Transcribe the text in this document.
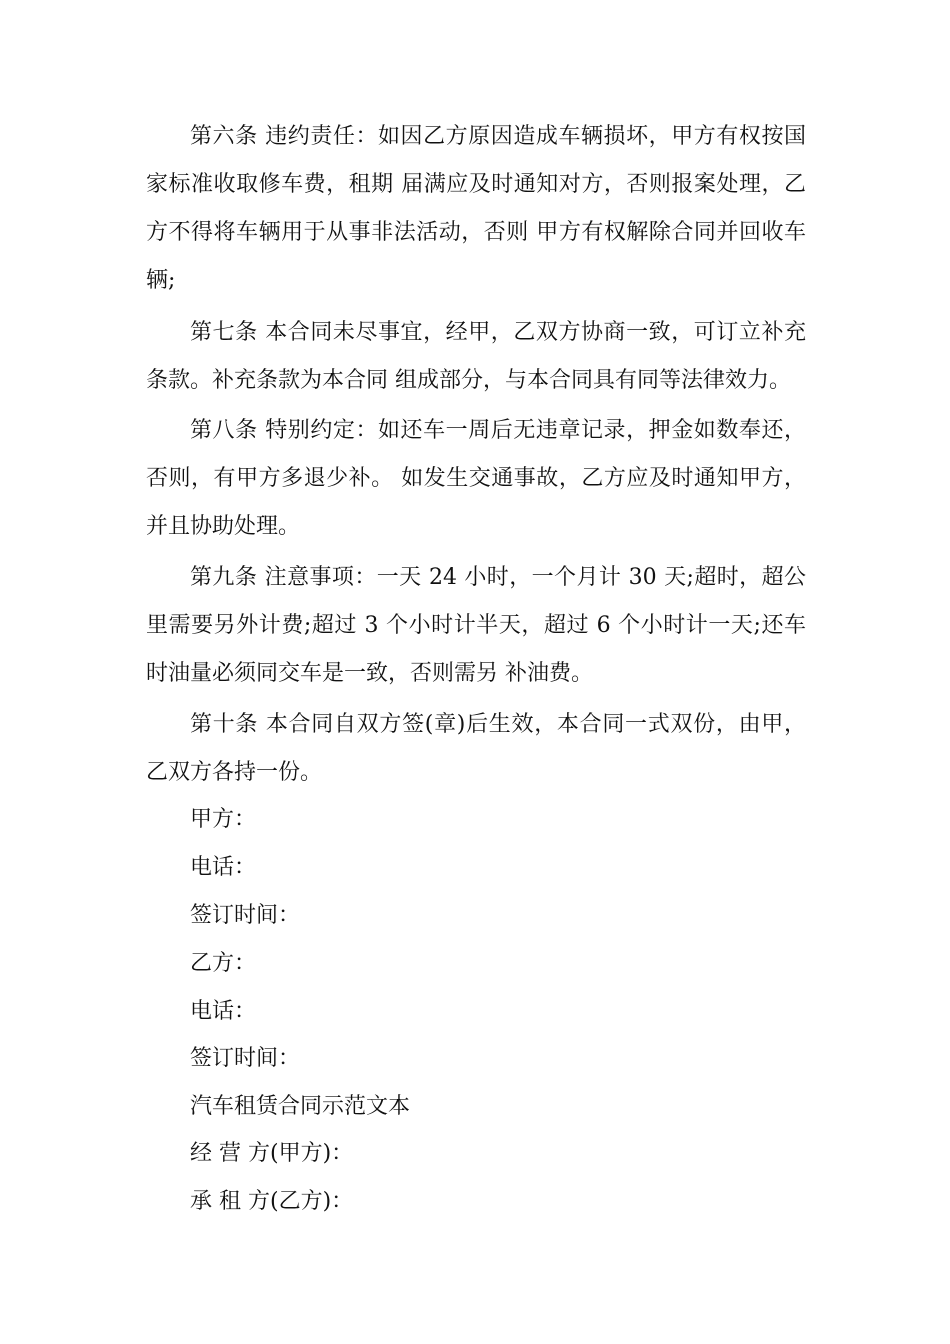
第六条 违约责任：如因乙方原因造成车辆损坏，甲方有权按国家标准收取修车费，租期 届满应及时通知对方，否则报案处理，乙方不得将车辆用于从事非法活动，否则 甲方有权解除合同并回收车辆;

第七条 本合同未尽事宜，经甲，乙双方协商一致，可订立补充条款。补充条款为本合同 组成部分，与本合同具有同等法律效力。

第八条 特别约定：如还车一周后无违章记录，押金如数奉还，否则，有甲方多退少补。 如发生交通事故，乙方应及时通知甲方，并且协助处理。

第九条 注意事项：一天 24 小时，一个月计 30 天;超时，超公里需要另外计费;超过 3 个小时计半天，超过 6 个小时计一天;还车时油量必须同交车是一致，否则需另 补油费。

第十条 本合同自双方签(章)后生效，本合同一式双份，由甲，乙双方各持一份。

甲方：

电话：

签订时间：

乙方：

电话：

签订时间：

汽车租赁合同示范文本

经 营 方(甲方)：

承 租 方(乙方)：
